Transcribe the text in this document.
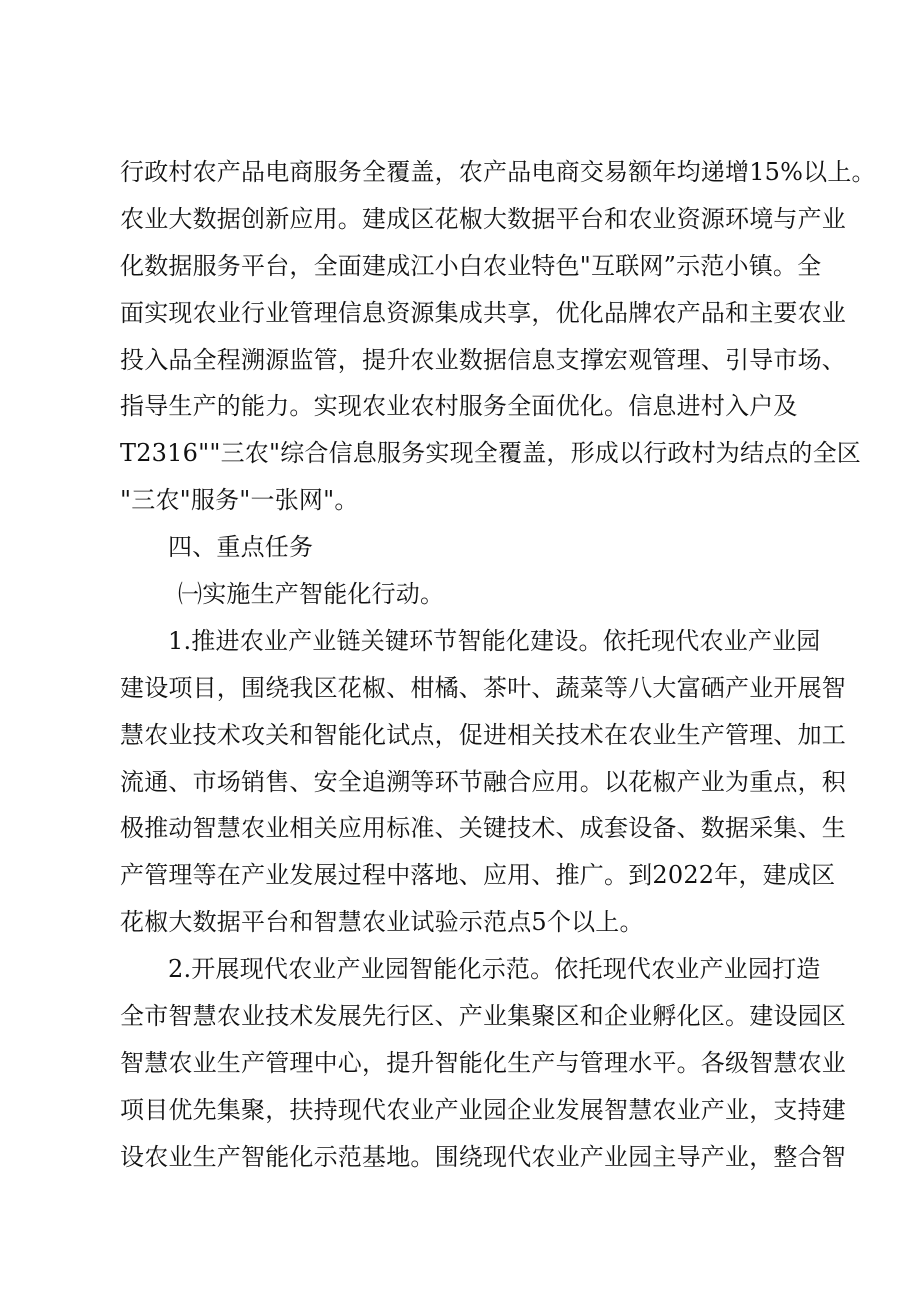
行政村农产品电商服务全覆盖，农产品电商交易额年均递增15%以上。
农业大数据创新应用。建成区花椒大数据平台和农业资源环境与产业
化数据服务平台，全面建成江小白农业特色"互联网”示范小镇。全
面实现农业行业管理信息资源集成共享，优化品牌农产品和主要农业
投入品全程溯源监管，提升农业数据信息支撑宏观管理、引导市场、
指导生产的能力。实现农业农村服务全面优化。信息进村入户及
T2316""三农"综合信息服务实现全覆盖，形成以行政村为结点的全区
"三农"服务"一张网"。
四、重点任务
㈠实施生产智能化行动。
1.推进农业产业链关键环节智能化建设。依托现代农业产业园
建设项目，围绕我区花椒、柑橘、茶叶、蔬菜等八大富硒产业开展智
慧农业技术攻关和智能化试点，促进相关技术在农业生产管理、加工
流通、市场销售、安全追溯等环节融合应用。以花椒产业为重点，积
极推动智慧农业相关应用标准、关键技术、成套设备、数据采集、生
产管理等在产业发展过程中落地、应用、推广。到2022年，建成区
花椒大数据平台和智慧农业试验示范点5个以上。
2.开展现代农业产业园智能化示范。依托现代农业产业园打造
全市智慧农业技术发展先行区、产业集聚区和企业孵化区。建设园区
智慧农业生产管理中心，提升智能化生产与管理水平。各级智慧农业
项目优先集聚，扶持现代农业产业园企业发展智慧农业产业，支持建
设农业生产智能化示范基地。围绕现代农业产业园主导产业，整合智
